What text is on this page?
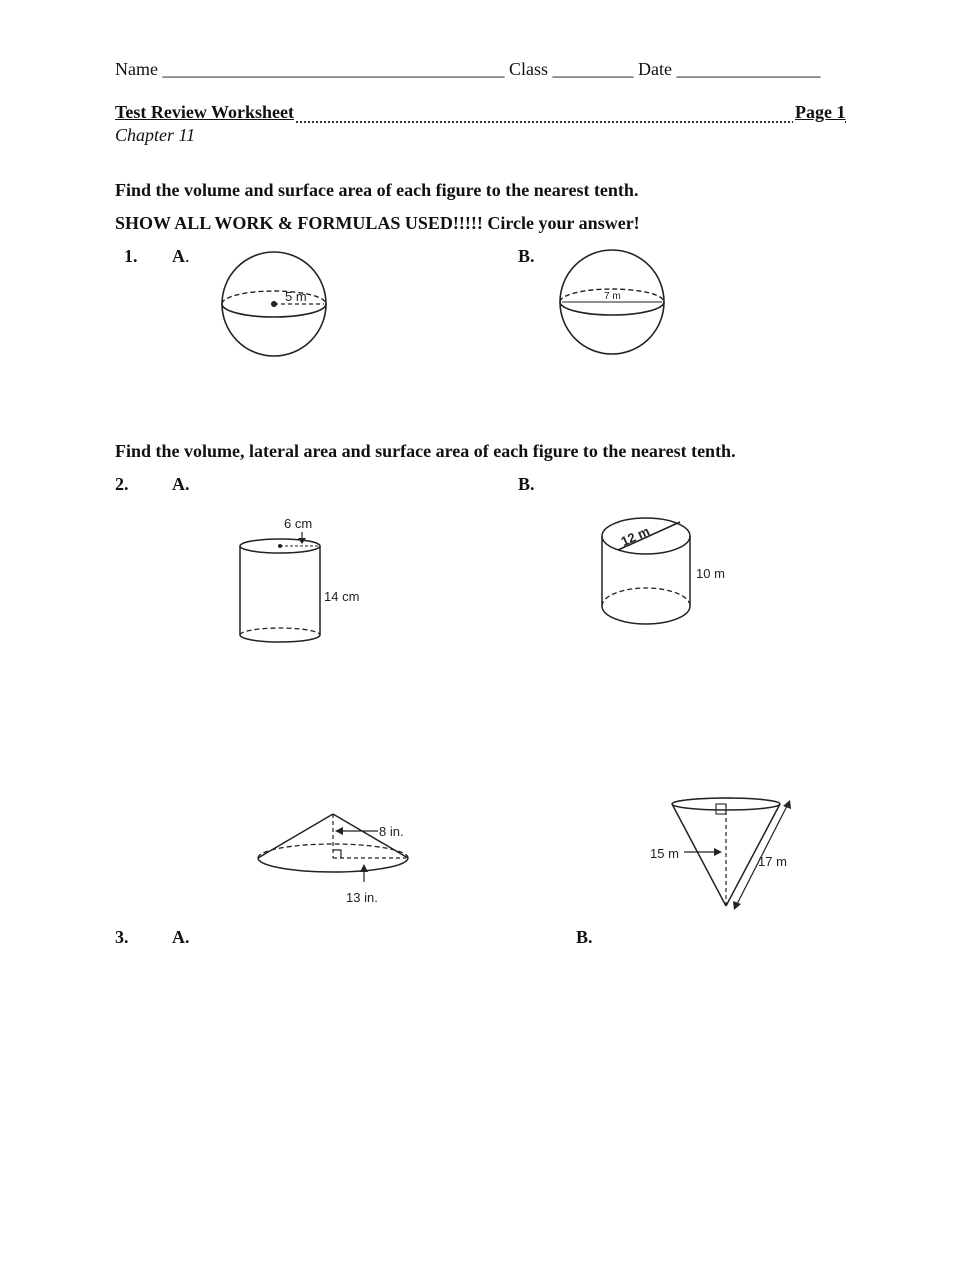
Name ______________________________________ Class _________ Date ________________
Test Review Worksheet	Page 1
Chapter 11
Find the volume and surface area of each figure to the nearest tenth.
SHOW ALL WORK & FORMULAS USED!!!!! Circle your answer!
1. A.	B.
5 m	7 m
Find the volume, lateral area and surface area of each figure to the nearest tenth.
2. A.	B.
6 cm
14 cm
12 m
10 m
8 in.
13 in.
15 m
17 m
3. A.	B.
